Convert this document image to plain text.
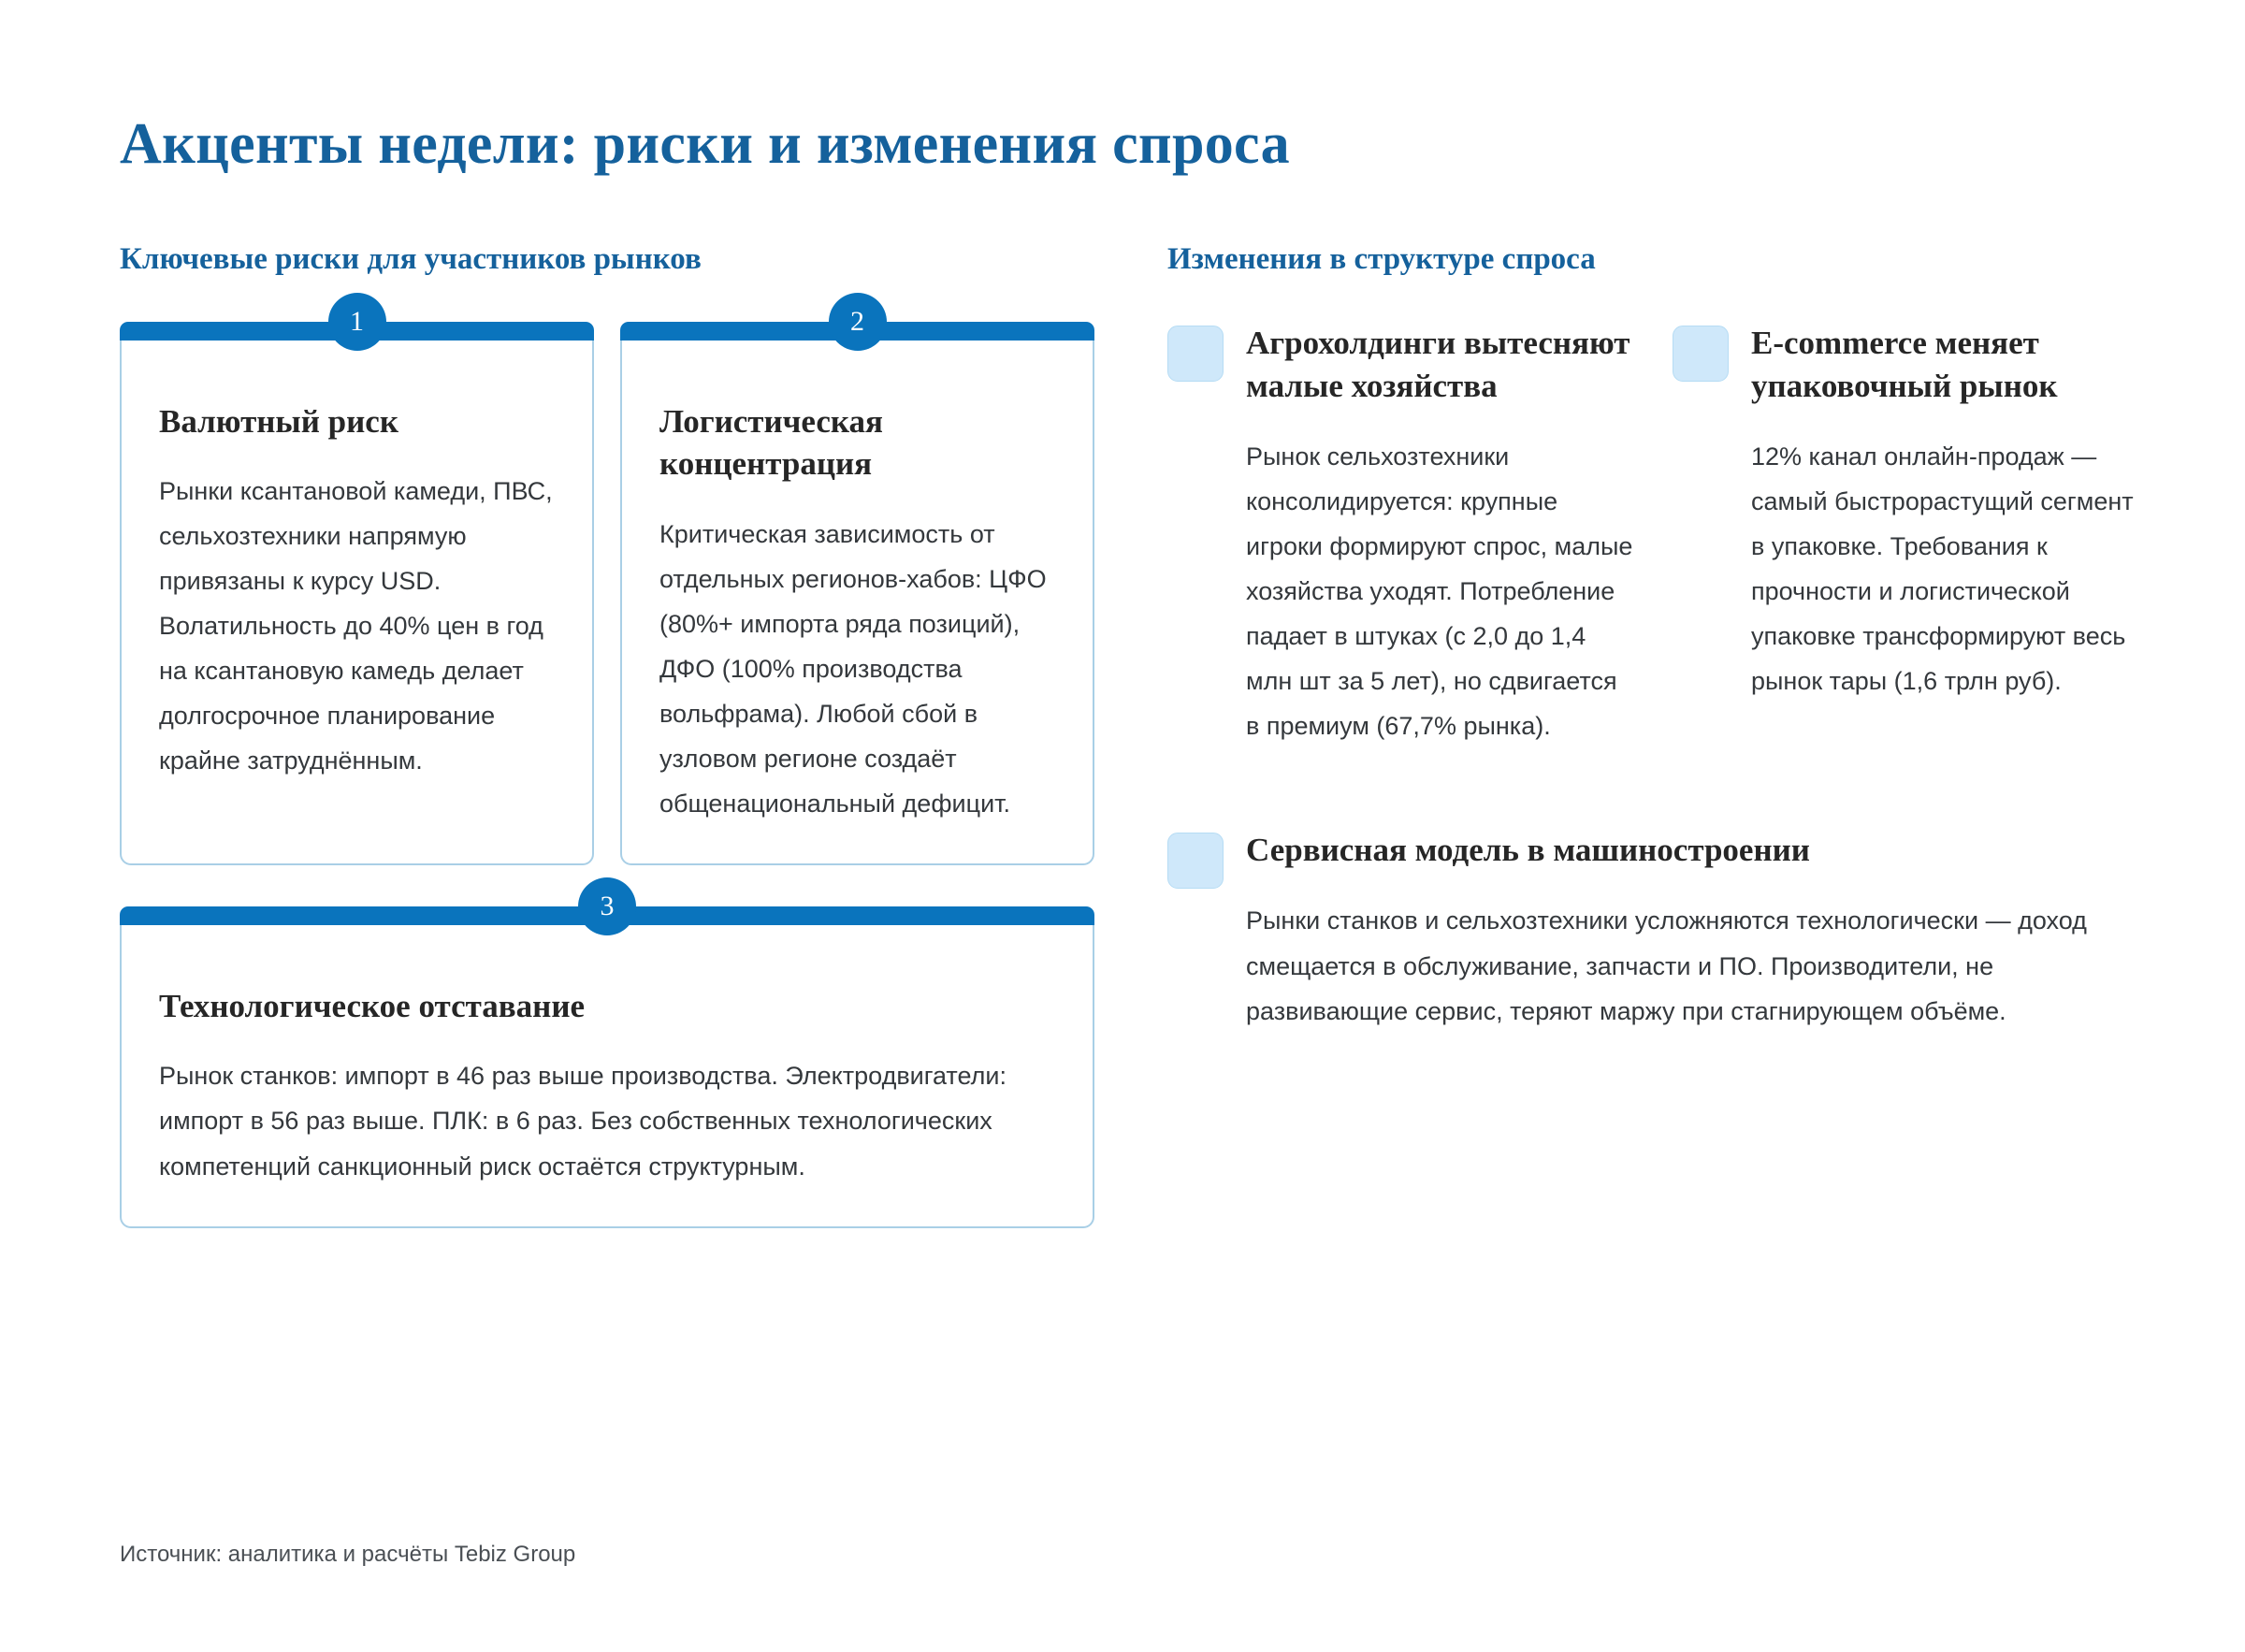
Акценты недели: риски и изменения спроса
Ключевые риски для участников рынков
1
Валютный риск

Рынки ксантановой камеди, ПВС, сельхозтехники напрямую привязаны к курсу USD. Волатильность до 40% цен в год на ксантановую камедь делает долгосрочное планирование крайне затруднённым.

2
Логистическая концентрация

Критическая зависимость от отдельных регионов-хабов: ЦФО (80%+ импорта ряда позиций), ДФО (100% производства вольфрама). Любой сбой в узловом регионе создаёт общенациональный дефицит.

3
Технологическое отставание

Рынок станков: импорт в 46 раз выше производства. Электродвигатели: импорт в 56 раз выше. ПЛК: в 6 раз. Без собственных технологических компетенций санкционный риск остаётся структурным.

Изменения в структуре спроса
Агрохолдинги вытесняют малые хозяйства

Рынок сельхозтехники консолидируется: крупные игроки формируют спрос, малые хозяйства уходят. Потребление падает в штуках (с 2,0 до 1,4 млн шт за 5 лет), но сдвигается в премиум (67,7% рынка).

E-commerce меняет упаковочный рынок

12% канал онлайн-продаж — самый быстрорастущий сегмент в упаковке. Требования к прочности и логистической упаковке трансформируют весь рынок тары (1,6 трлн руб).

Сервисная модель в машиностроении

Рынки станков и сельхозтехники усложняются технологически — доход смещается в обслуживание, запчасти и ПО. Производители, не развивающие сервис, теряют маржу при стагнирующем объёме.

Источник: аналитика и расчёты Tebiz Group
